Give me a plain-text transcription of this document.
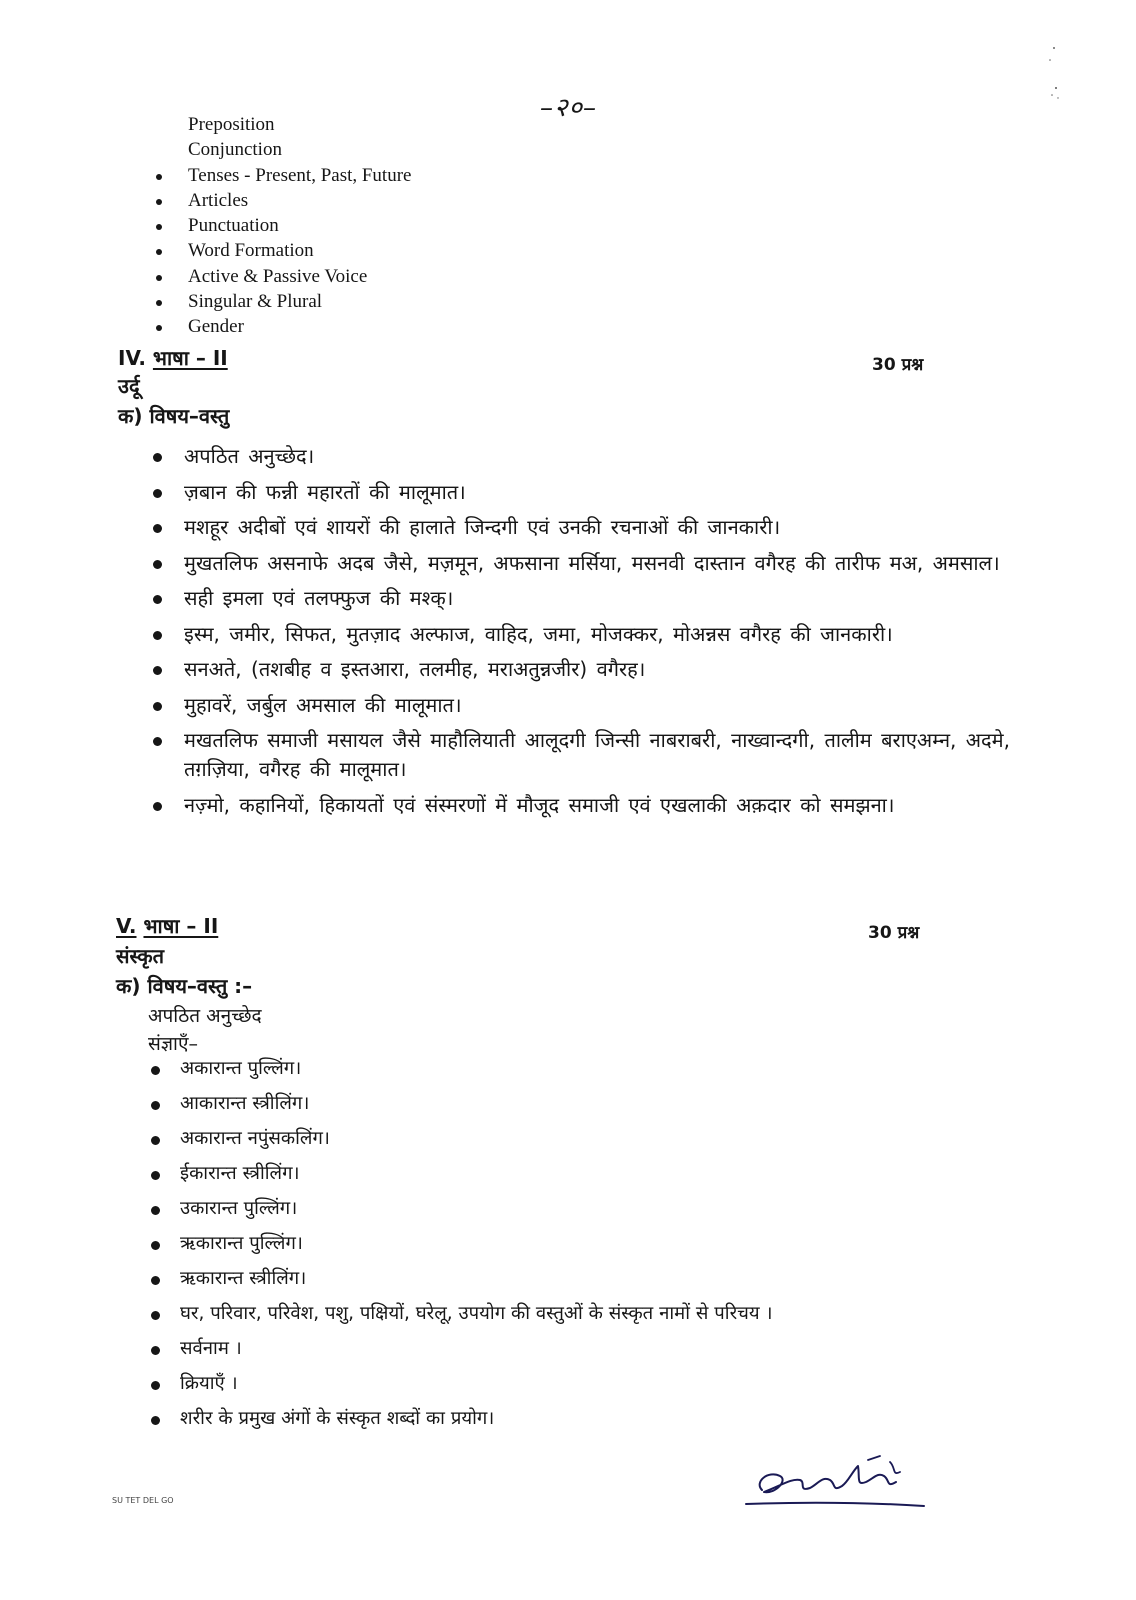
–२०–
Preposition
Conjunction
Tenses - Present, Past, Future
Articles
Punctuation
Word Formation
Active & Passive Voice
Singular & Plural
Gender
IV. भाषा – II	30 प्रश्न
उर्दू
क) विषय–वस्तु
अपठित अनुच्छेद।
ज़बान की फन्नी महारतों की मालूमात।
मशहूर अदीबों एवं शायरों की हालाते जिन्दगी एवं उनकी रचनाओं की जानकारी।
मुखतलिफ असनाफे अदब जैसे, मज़मून, अफसाना मर्सिया, मसनवी दास्तान वगैरह की तारीफ मअ, अमसाल।
सही इमला एवं तलफ्फुज की मश्क्।
इस्म, जमीर, सिफत, मुतज़ाद अल्फाज, वाहिद, जमा, मोजक्कर, मोअन्नस वगैरह की जानकारी।
सनअते, (तशबीह व इस्तआरा, तलमीह, मराअतुन्नजीर) वगैरह।
मुहावरें, जर्बुल अमसाल की मालूमात।
मखतलिफ समाजी मसायल जैसे माहौलियाती आलूदगी जिन्सी नाबराबरी, नाख्वान्दगी, तालीम बराएअम्न, अदमे, तग़ज़िया, वगैरह की मालूमात।
नज़्मो, कहानियों, हिकायतों एवं संस्मरणों में मौजूद समाजी एवं एखलाकी अक़दार को समझना।
V. भाषा – II	30 प्रश्न
संस्कृत
क) विषय–वस्तु :–
अपठित अनुच्छेद
संज्ञाएँ–
अकारान्त पुल्लिंग।
आकारान्त स्त्रीलिंग।
अकारान्त नपुंसकलिंग।
ईकारान्त स्त्रीलिंग।
उकारान्त पुल्लिंग।
ऋकारान्त पुल्लिंग।
ऋकारान्त स्त्रीलिंग।
घर, परिवार, परिवेश, पशु, पक्षियों, घरेलू, उपयोग की वस्तुओं के संस्कृत नामों से परिचय ।
सर्वनाम ।
क्रियाएँ ।
शरीर के प्रमुख अंगों के संस्कृत शब्दों का प्रयोग।
SU TET DEL GO
